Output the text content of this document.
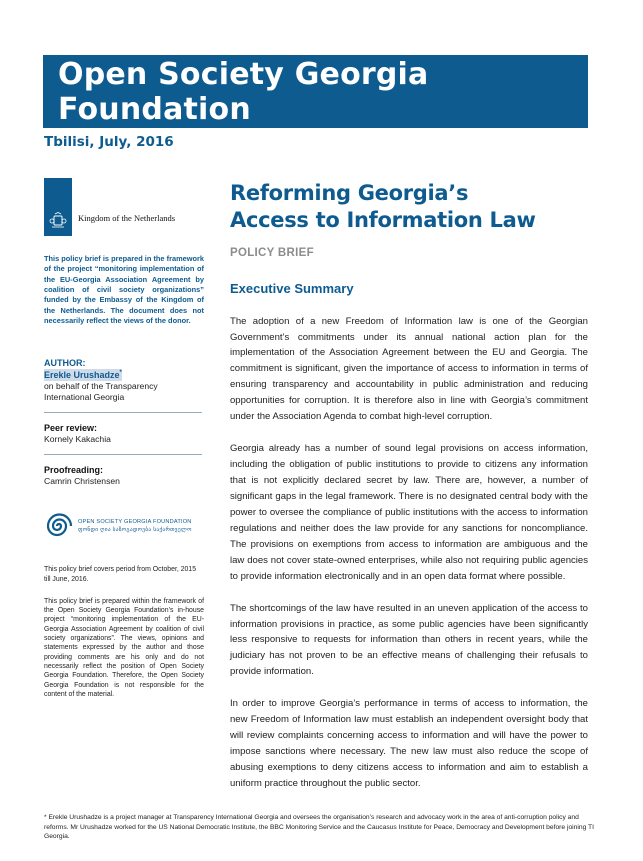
Open Society Georgia Foundation
Tbilisi, July, 2016
Kingdom of the Netherlands

This policy brief is prepared in the framework of the project “monitoring implementation of the EU-Georgia Association Agreement by coalition of civil society organizations” funded by the Embassy of the Kingdom of the Netherlands. The document does not necessarily reflect the views of the donor.

AUTHOR:
Erekle Urushadze*
on behalf of the Transparency International Georgia
Peer review:
Kornely Kakachia
Proofreading:
Camrin Christensen
OPEN SOCIETY GEORGIA FOUNDATION
ფონდი ღია საზოგადოება საქართველო

This policy brief covers period from October, 2015 till June, 2016.

This policy brief is prepared within the framework of the Open Society Georgia Foundation’s in-house project “monitoring implementation of the EU-Georgia Association Agreement by coalition of civil society organizations”. The views, opinions and statements expressed by the author and those providing comments are his only and do not necessarily reflect the position of Open Society Georgia Foundation. Therefore, the Open Society Georgia Foundation is not responsible for the content of the material.

Reforming Georgia’s
Access to Information Law
POLICY BRIEF
Executive Summary

The adoption of a new Freedom of Information law is one of the Georgian Government’s commitments under its annual national action plan for the implementation of the Association Agreement between the EU and Georgia. The commitment is significant, given the importance of access to information in terms of ensuring transparency and accountability in public administration and reducing opportunities for corruption. It is therefore also in line with Georgia’s commitment under the Association Agenda to combat high-level corruption.

Georgia already has a number of sound legal provisions on access information, including the obligation of public institutions to provide to citizens any information that is not explicitly declared secret by law. There are, however, a number of significant gaps in the legal framework. There is no designated central body with the power to oversee the compliance of public institutions with the access to information regulations and neither does the law provide for any sanctions for noncompliance. The provisions on exemptions from access to information are ambiguous and the law does not cover state-owned enterprises, while also not requiring public agencies to provide information electronically and in an open data format where possible.

The shortcomings of the law have resulted in an uneven application of the access to information provisions in practice, as some public agencies have been significantly less responsive to requests for information than others in recent years, while the judiciary has not proven to be an effective means of challenging their refusals to provide information.

In order to improve Georgia’s performance in terms of access to information, the new Freedom of Information law must establish an independent oversight body that will review complaints concerning access to information and will have the power to impose sanctions where necessary. The new law must also reduce the scope of abusing exemptions to deny citizens access to information and aim to establish a uniform practice throughout the public sector.

* Erekle Urushadze is a project manager at Transparency International Georgia and oversees the organisation’s research and advocacy work in the area of anti-corruption policy and reforms. Mr Urushadze worked for the US National Democratic Institute, the BBC Monitoring Service and the Caucasus Institute for Peace, Democracy and Development before joining TI Georgia.
